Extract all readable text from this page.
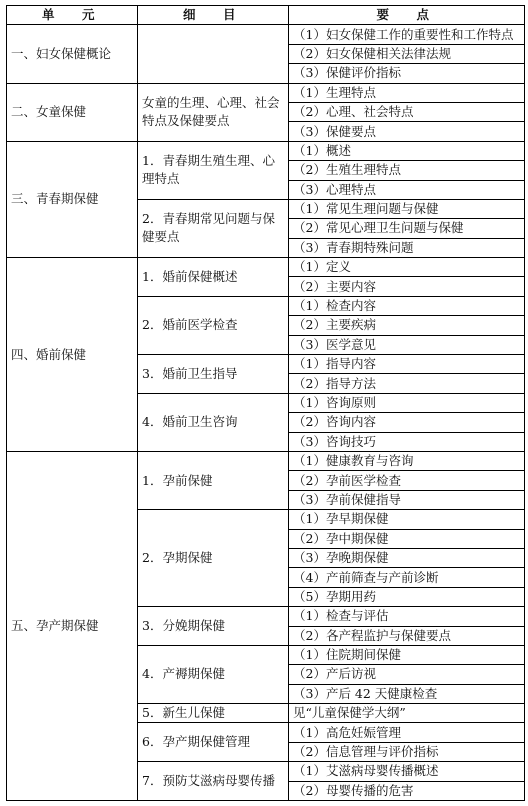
单　元	细　目	要　点
一、妇女保健概论		（1）妇女保健工作的重要性和工作特点
		（2）妇女保健相关法律法规
		（3）保健评价指标
二、女童保健	女童的生理、心理、社会特点及保健要点	（1）生理特点
		（2）心理、社会特点
		（3）保健要点
三、青春期保健	1．青春期生殖生理、心理特点	（1）概述
		（2）生殖生理特点
		（3）心理特点
	2．青春期常见问题与保健要点	（1）常见生理问题与保健
		（2）常见心理卫生问题与保健
		（3）青春期特殊问题
四、婚前保健	1．婚前保健概述	（1）定义
		（2）主要内容
	2．婚前医学检查	（1）检查内容
		（2）主要疾病
		（3）医学意见
	3．婚前卫生指导	（1）指导内容
		（2）指导方法
	4．婚前卫生咨询	（1）咨询原则
		（2）咨询内容
		（3）咨询技巧
五、孕产期保健	1．孕前保健	（1）健康教育与咨询
		（2）孕前医学检查
		（3）孕前保健指导
	2．孕期保健	（1）孕早期保健
		（2）孕中期保健
		（3）孕晚期保健
		（4）产前筛查与产前诊断
		（5）孕期用药
	3．分娩期保健	（1）检查与评估
		（2）各产程监护与保健要点
	4．产褥期保健	（1）住院期间保健
		（2）产后访视
		（3）产后 42 天健康检查
	5．新生儿保健	见“儿童保健学大纲”
	6．孕产期保健管理	（1）高危妊娠管理
		（2）信息管理与评价指标
	7．预防艾滋病母婴传播	（1）艾滋病母婴传播概述
		（2）母婴传播的危害
